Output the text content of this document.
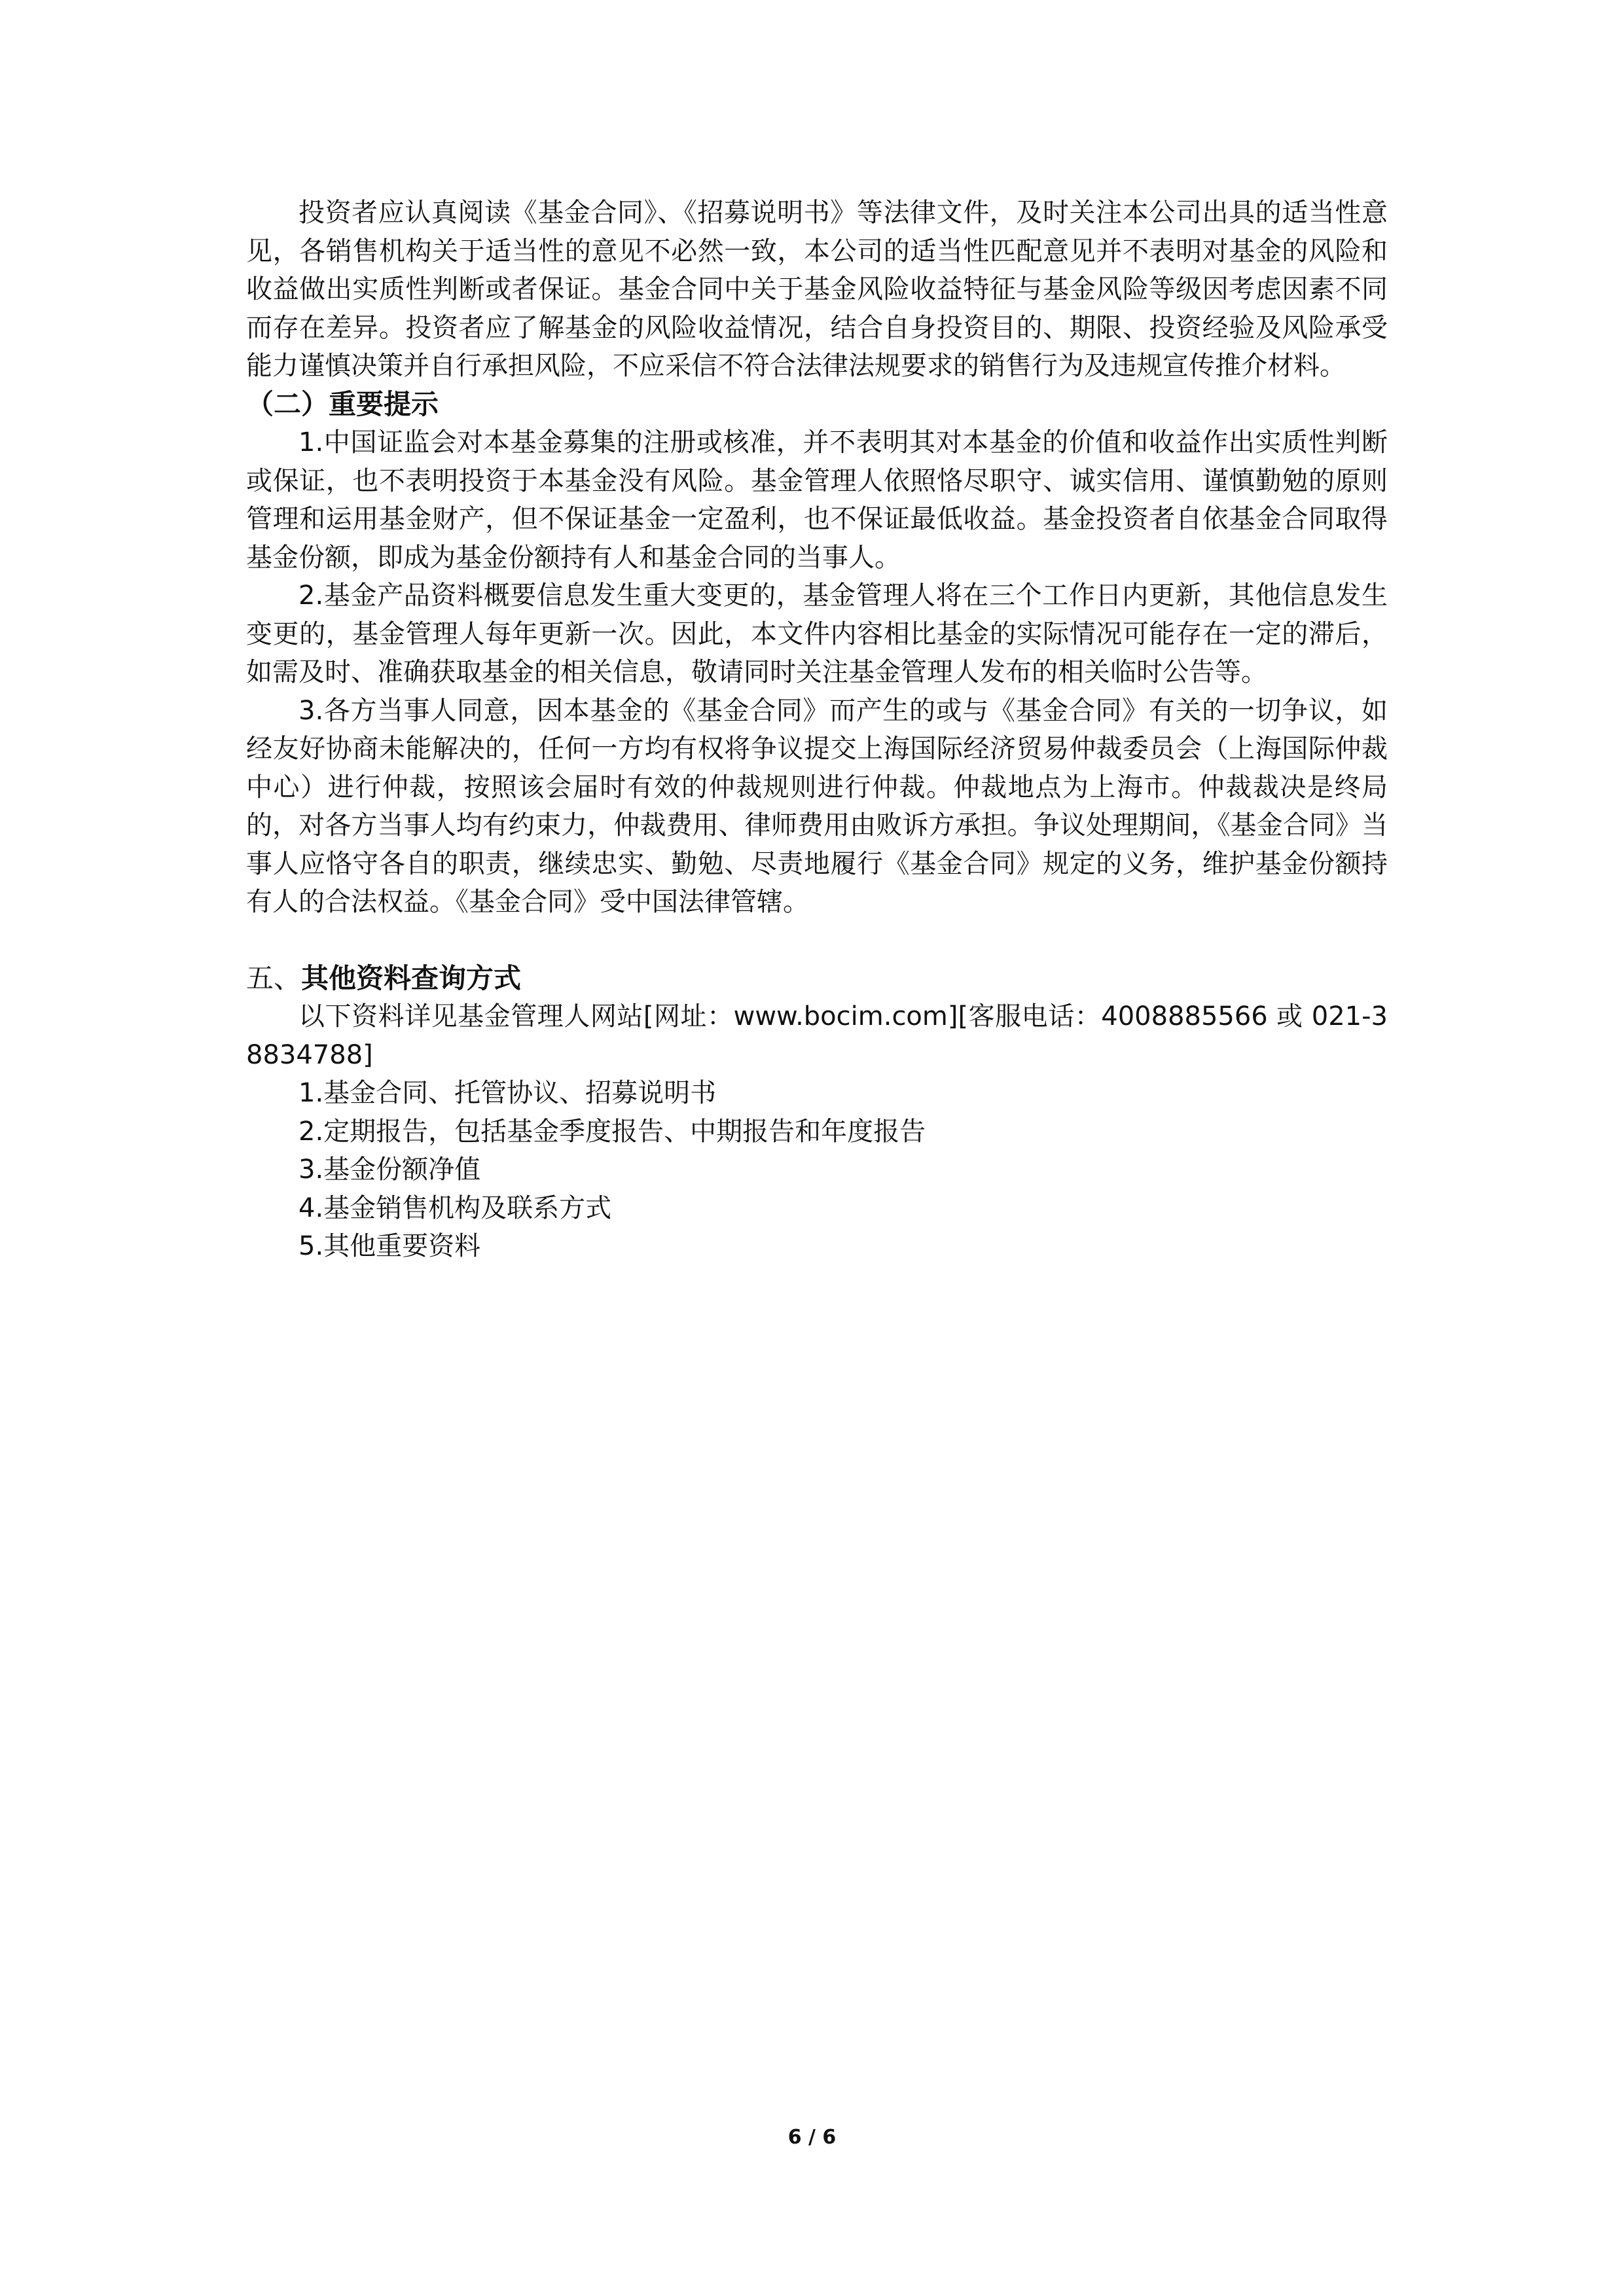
投资者应认真阅读《基金合同》、《招募说明书》等法律文件，及时关注本公司出具的适当性意见，各销售机构关于适当性的意见不必然一致，本公司的适当性匹配意见并不表明对基金的风险和收益做出实质性判断或者保证。基金合同中关于基金风险收益特征与基金风险等级因考虑因素不同而存在差异。投资者应了解基金的风险收益情况，结合自身投资目的、期限、投资经验及风险承受能力谨慎决策并自行承担风险，不应采信不符合法律法规要求的销售行为及违规宣传推介材料。

（二）重要提示

1.中国证监会对本基金募集的注册或核准，并不表明其对本基金的价值和收益作出实质性判断或保证，也不表明投资于本基金没有风险。基金管理人依照恪尽职守、诚实信用、谨慎勤勉的原则管理和运用基金财产，但不保证基金一定盈利，也不保证最低收益。基金投资者自依基金合同取得基金份额，即成为基金份额持有人和基金合同的当事人。

2.基金产品资料概要信息发生重大变更的，基金管理人将在三个工作日内更新，其他信息发生变更的，基金管理人每年更新一次。因此，本文件内容相比基金的实际情况可能存在一定的滞后，如需及时、准确获取基金的相关信息，敬请同时关注基金管理人发布的相关临时公告等。

3.各方当事人同意，因本基金的《基金合同》而产生的或与《基金合同》有关的一切争议，如经友好协商未能解决的，任何一方均有权将争议提交上海国际经济贸易仲裁委员会（上海国际仲裁中心）进行仲裁，按照该会届时有效的仲裁规则进行仲裁。仲裁地点为上海市。仲裁裁决是终局的，对各方当事人均有约束力，仲裁费用、律师费用由败诉方承担。争议处理期间，《基金合同》当事人应恪守各自的职责，继续忠实、勤勉、尽责地履行《基金合同》规定的义务，维护基金份额持有人的合法权益。《基金合同》受中国法律管辖。

五、其他资料查询方式

以下资料详见基金管理人网站[网址：www.bocim.com][客服电话：4008885566 或 021-38834788]

1.基金合同、托管协议、招募说明书
2.定期报告，包括基金季度报告、中期报告和年度报告
3.基金份额净值
4.基金销售机构及联系方式
5.其他重要资料
6 / 6
